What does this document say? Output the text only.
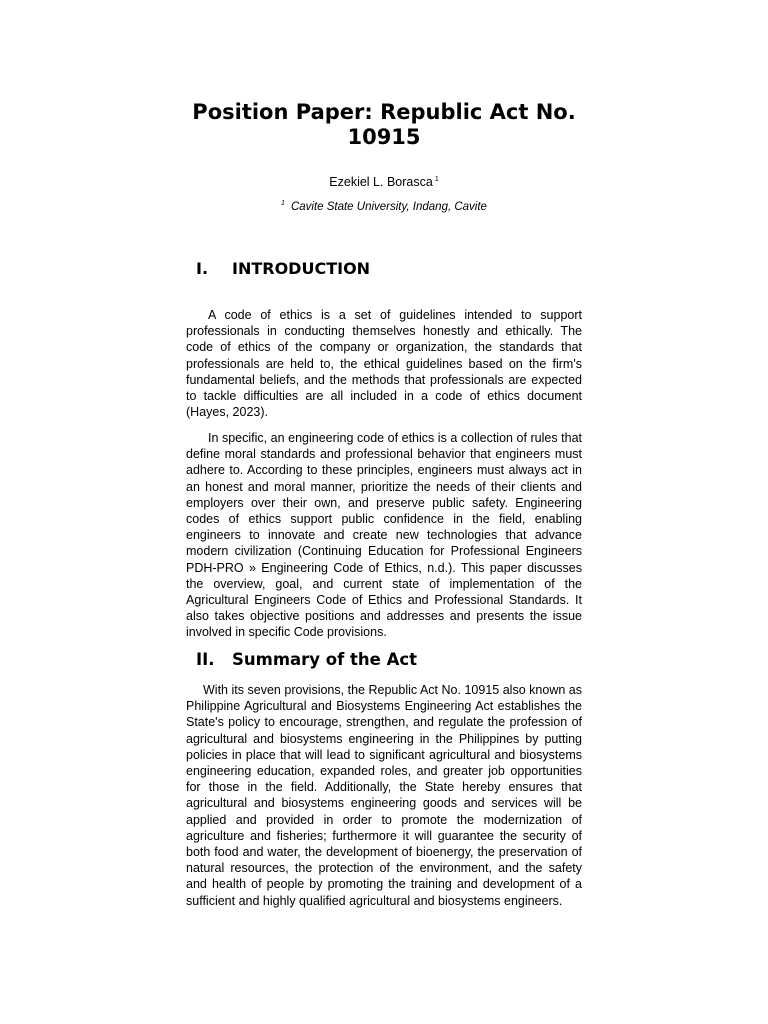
Position Paper: Republic Act No. 10915
Ezekiel L. Borasca $^1$
$^1$ Cavite State University, Indang, Cavite
I. INTRODUCTION

A code of ethics is a set of guidelines intended to support professionals in conducting themselves honestly and ethically. The code of ethics of the company or organization, the standards that professionals are held to, the ethical guidelines based on the firm's fundamental beliefs, and the methods that professionals are expected to tackle difficulties are all included in a code of ethics document (Hayes, 2023).

In specific, an engineering code of ethics is a collection of rules that define moral standards and professional behavior that engineers must adhere to. According to these principles, engineers must always act in an honest and moral manner, prioritize the needs of their clients and employers over their own, and preserve public safety. Engineering codes of ethics support public confidence in the field, enabling engineers to innovate and create new technologies that advance modern civilization (Continuing Education for Professional Engineers PDH-PRO » Engineering Code of Ethics, n.d.). This paper discusses the overview, goal, and current state of implementation of the Agricultural Engineers Code of Ethics and Professional Standards. It also takes objective positions and addresses and presents the issue involved in specific Code provisions.

II. Summary of the Act

With its seven provisions, the Republic Act No. 10915 also known as Philippine Agricultural and Biosystems Engineering Act establishes the State's policy to encourage, strengthen, and regulate the profession of agricultural and biosystems engineering in the Philippines by putting policies in place that will lead to significant agricultural and biosystems engineering education, expanded roles, and greater job opportunities for those in the field. Additionally, the State hereby ensures that agricultural and biosystems engineering goods and services will be applied and provided in order to promote the modernization of agriculture and fisheries; furthermore it will guarantee the security of both food and water, the development of bioenergy, the preservation of natural resources, the protection of the environment, and the safety and health of people by promoting the training and development of a sufficient and highly qualified agricultural and biosystems engineers.
